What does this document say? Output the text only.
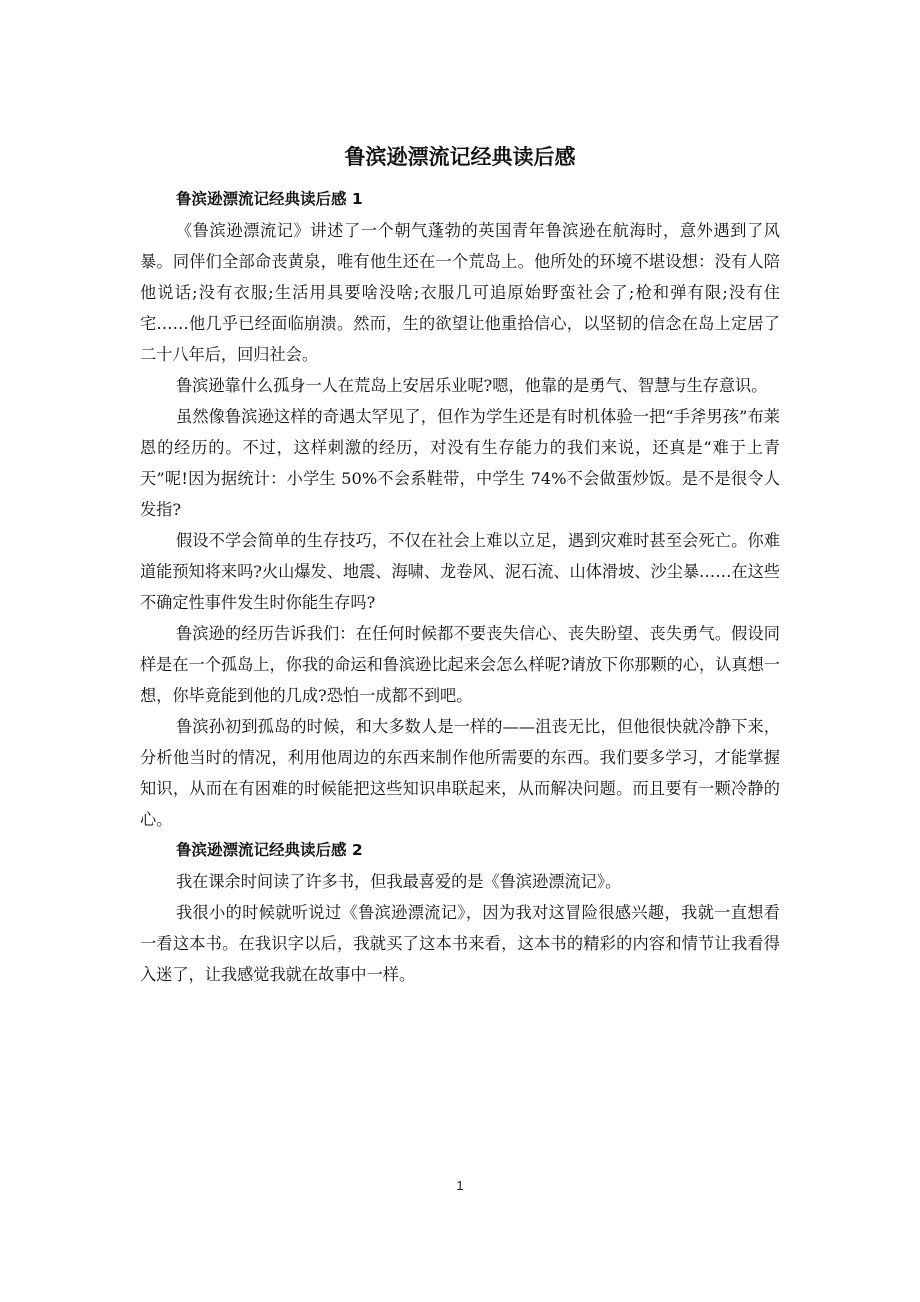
鲁滨逊漂流记经典读后感

鲁滨逊漂流记经典读后感 1

《鲁滨逊漂流记》讲述了一个朝气蓬勃的英国青年鲁滨逊在航海时，意外遇到了风暴。同伴们全部命丧黄泉，唯有他生还在一个荒岛上。他所处的环境不堪设想：没有人陪他说话;没有衣服;生活用具要啥没啥;衣服几可追原始野蛮社会了;枪和弹有限;没有住宅……他几乎已经面临崩溃。然而，生的欲望让他重拾信心，以坚韧的信念在岛上定居了二十八年后，回归社会。

鲁滨逊靠什么孤身一人在荒岛上安居乐业呢?嗯，他靠的是勇气、智慧与生存意识。

虽然像鲁滨逊这样的奇遇太罕见了，但作为学生还是有时机体验一把“手斧男孩”布莱恩的经历的。不过，这样刺激的经历，对没有生存能力的我们来说，还真是“难于上青天”呢!因为据统计：小学生 50%不会系鞋带，中学生 74%不会做蛋炒饭。是不是很令人发指?

假设不学会简单的生存技巧，不仅在社会上难以立足，遇到灾难时甚至会死亡。你难道能预知将来吗?火山爆发、地震、海啸、龙卷风、泥石流、山体滑坡、沙尘暴……在这些不确定性事件发生时你能生存吗?

鲁滨逊的经历告诉我们：在任何时候都不要丧失信心、丧失盼望、丧失勇气。假设同样是在一个孤岛上，你我的命运和鲁滨逊比起来会怎么样呢?请放下你那颗的心，认真想一想，你毕竟能到他的几成?恐怕一成都不到吧。

鲁滨孙初到孤岛的时候，和大多数人是一样的——沮丧无比，但他很快就冷静下来，分析他当时的情况，利用他周边的东西来制作他所需要的东西。我们要多学习，才能掌握知识，从而在有困难的时候能把这些知识串联起来，从而解决问题。而且要有一颗冷静的心。

鲁滨逊漂流记经典读后感 2

我在课余时间读了许多书，但我最喜爱的是《鲁滨逊漂流记》。

我很小的时候就听说过《鲁滨逊漂流记》，因为我对这冒险很感兴趣，我就一直想看一看这本书。在我识字以后，我就买了这本书来看，这本书的精彩的内容和情节让我看得入迷了，让我感觉我就在故事中一样。

1
